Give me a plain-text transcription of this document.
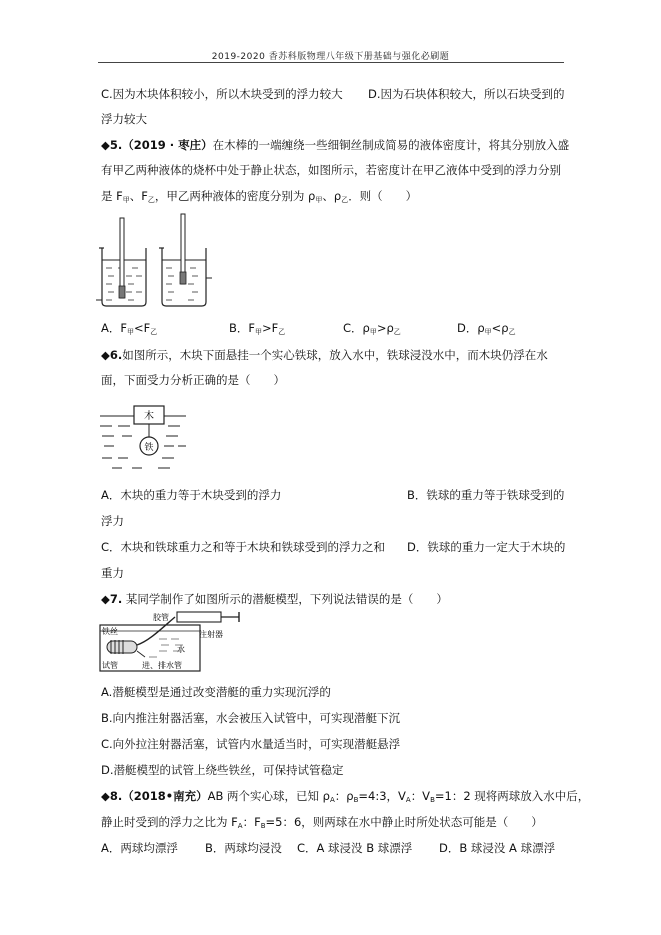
2019-2020 香苏科版物理八年级下册基础与强化必刷题
C.因为木块体积较小，所以木块受到的浮力较大 D.因为石块体积较大，所以石块受到的
浮力较大
◆5.（2019 · 枣庄）在木棒的一端缠绕一些细铜丝制成简易的液体密度计，将其分别放入盛
有甲乙两种液体的烧杯中处于静止状态，如图所示，若密度计在甲乙液体中受到的浮力分别
是 F甲、F乙，甲乙两种液体的密度分别为 ρ甲、ρ乙．则（　　）
A．F甲<F乙	B．F甲>F乙	C．ρ甲>ρ乙	D．ρ甲<ρ乙
◆6.如图所示，木块下面悬挂一个实心铁球，放入水中，铁球浸没水中，而木块仍浮在水
面，下面受力分析正确的是（　　）
木
铁
A．木块的重力等于木块受到的浮力	B．铁球的重力等于铁球受到的
浮力
C．木块和铁球重力之和等于木块和铁球受到的浮力之和 D．铁球的重力一定大于木块的
重力
◆7. 某同学制作了如图所示的潜艇模型，下列说法错误的是（　　）
胶管
注射器
铁丝
水
试管	进、排水管
A.潜艇模型是通过改变潜艇的重力实现沉浮的
B.向内推注射器活塞，水会被压入试管中，可实现潜艇下沉
C.向外拉注射器活塞，试管内水量适当时，可实现潜艇悬浮
D.潜艇模型的试管上绕些铁丝，可保持试管稳定
◆8.（2018•南充）AB 两个实心球，已知 ρA：ρB=4:3，VA：VB=1：2 现将两球放入水中后，
静止时受到的浮力之比为 FA：FB=5：6，则两球在水中静止时所处状态可能是（　　）
A．两球均漂浮 B．两球均浸没 C．A 球浸没 B 球漂浮 D．B 球浸没 A 球漂浮
